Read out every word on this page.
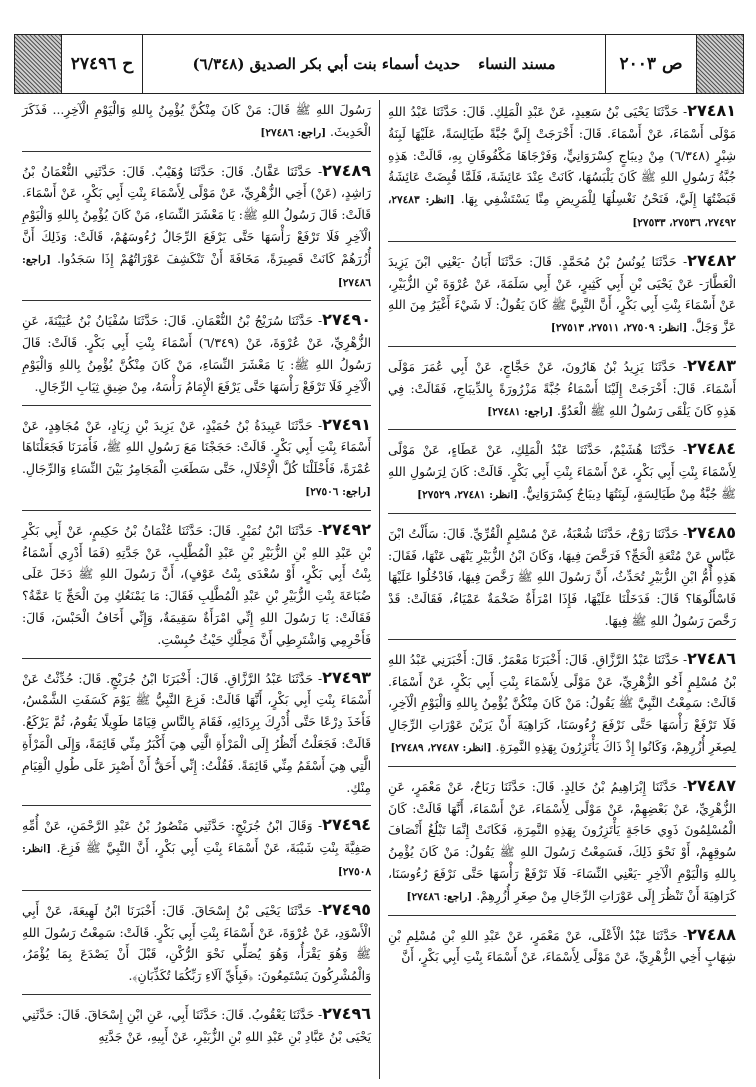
ح ٢٧٤٩٦	مسند النساء
حديث أسماء بنت أبي بكر الصديق (٦/٣٤٨)	ص ٢٠٠٣

٢٧٤٨١- حَدَّثَنَا يَحْيَى بْنُ سَعِيدٍ، عَنْ عَبْدِ الْمَلِكِ. قَالَ: حَدَّثَنَا عَبْدُ اللهِ مَوْلَى أَسْمَاءَ، عَنْ أَسْمَاءَ. قَالَ: أَخْرَجَتْ إِلَيَّ جُبَّةً طَيَالِسَةً، عَلَيْهَا لَبِنَةُ شِبْرٍ (٦/٣٤٨) مِنْ دِيبَاجٍ كِسْرَوَانِيٍّ، وَفَرْجَاهَا مَكْفُوفَانِ بِهِ، قَالَتْ: هَذِهِ جُبَّةُ رَسُولِ اللهِ ﷺ كَانَ يَلْبَسُهَا، كَانَتْ عِنْدَ عَائِشَةَ، فَلَمَّا قُبِضَتْ عَائِشَةُ قَبَضْتُهَا إِلَيَّ، فَنَحْنُ نَغْسِلُهَا لِلْمَرِيضِ مِنَّا يَسْتَشْفِي بِهَا. [انظر: ٢٧٤٨٣، ٢٧٤٩٢، ٢٧٥٣٦، ٢٧٥٣٣]

٢٧٤٨٢- حَدَّثَنَا يُونُسُ بْنُ مُحَمَّدٍ. قَالَ: حَدَّثَنَا أَبَانُ -يَعْنِي ابْنَ يَزِيدَ الْعَطَّارَ- عَنْ يَحْيَى بْنِ أَبِي كَثِيرٍ، عَنْ أَبِي سَلَمَةَ، عَنْ عُرْوَةَ بْنِ الزُّبَيْرِ، عَنْ أَسْمَاءَ بِنْتِ أَبِي بَكْرٍ، أَنَّ النَّبِيَّ ﷺ كَانَ يَقُولُ: لَا شَيْءَ أَغْيَرُ مِنَ اللهِ عَزَّ وَجَلَّ. [انظر: ٢٧٥٠٩، ٢٧٥١١، ٢٧٥١٣]

٢٧٤٨٣- حَدَّثَنَا يَزِيدُ بْنُ هَارُونَ، عَنْ حَجَّاجٍ، عَنْ أَبِي عُمَرَ مَوْلَى أَسْمَاءَ. قَالَ: أَخْرَجَتْ إِلَيْنَا أَسْمَاءُ جُبَّةً مَزْرُورَةً بِالدِّيبَاجِ، فَقَالَتْ: فِي هَذِهِ كَانَ يَلْقَى رَسُولُ اللهِ ﷺ الْعَدُوَّ. [راجع: ٢٧٤٨١]

٢٧٤٨٤- حَدَّثَنَا هُشَيْمٌ، حَدَّثَنَا عَبْدُ الْمَلِكِ، عَنْ عَطَاءٍ، عَنْ مَوْلًى لِأَسْمَاءَ بِنْتِ أَبِي بَكْرٍ، عَنْ أَسْمَاءَ بِنْتِ أَبِي بَكْرٍ. قَالَتْ: كَانَ لِرَسُولِ اللهِ ﷺ جُبَّةٌ مِنْ طَيَالِسَةٍ، لَبِنَتُهَا دِيبَاجٌ كِسْرَوَانِيٌّ. [انظر: ٢٧٤٨١، ٢٧٥٢٩]

٢٧٤٨٥- حَدَّثَنَا رَوْحٌ، حَدَّثَنَا شُعْبَةُ، عَنْ مُسْلِمٍ الْقُرِّيِّ. قَالَ: سَأَلْتُ ابْنَ عَبَّاسٍ عَنْ مُتْعَةِ الْحَجِّ؟ فَرَخَّصَ فِيهَا، وَكَانَ ابْنُ الزُّبَيْرِ يَنْهَى عَنْهَا، فَقَالَ: هَذِهِ أُمُّ ابْنِ الزُّبَيْرِ تُحَدِّثُ، أَنَّ رَسُولَ اللهِ ﷺ رَخَّصَ فِيهَا، فَادْخُلُوا عَلَيْهَا فَاسْأَلُوهَا؟ قَالَ: فَدَخَلْنَا عَلَيْهَا، فَإِذَا امْرَأَةٌ ضَخْمَةٌ عَمْيَاءُ، فَقَالَتْ: قَدْ رَخَّصَ رَسُولُ اللهِ ﷺ فِيهَا.

٢٧٤٨٦- حَدَّثَنَا عَبْدُ الرَّزَّاقِ. قَالَ: أَخْبَرَنَا مَعْمَرٌ. قَالَ: أَخْبَرَنِي عَبْدُ اللهِ بْنُ مُسْلِمٍ أَخُو الزُّهْرِيِّ، عَنْ مَوْلًى لِأَسْمَاءَ بِنْتِ أَبِي بَكْرٍ، عَنْ أَسْمَاءَ. قَالَتْ: سَمِعْتُ النَّبِيَّ ﷺ يَقُولُ: مَنْ كَانَ مِنْكُنَّ يُؤْمِنُ بِاللهِ وَالْيَوْمِ الْآخِرِ، فَلَا تَرْفَعْ رَأْسَهَا حَتَّى نَرْفَعَ رُءُوسَنَا، كَرَاهِيَةَ أَنْ يَرَيْنَ عَوْرَاتِ الرِّجَالِ لِصِغَرِ أُزُرِهِمْ، وَكَانُوا إِذْ ذَاكَ يَأْتَزِرُونَ بِهَذِهِ النَّمِرَةِ. [انظر: ٢٧٤٨٧، ٢٧٤٨٩]

٢٧٤٨٧- حَدَّثَنَا إِبْرَاهِيمُ بْنُ خَالِدٍ. قَالَ: حَدَّثَنَا رَبَاحٌ، عَنْ مَعْمَرٍ، عَنِ الزُّهْرِيِّ، عَنْ بَعْضِهِمْ، عَنْ مَوْلًى لِأَسْمَاءَ، عَنْ أَسْمَاءَ، أَنَّهَا قَالَتْ: كَانَ الْمُسْلِمُونَ ذَوِي حَاجَةٍ يَأْتَزِرُونَ بِهَذِهِ النَّمِرَةِ، فَكَانَتْ إِنَّمَا تَبْلُغُ أَنْصَافَ سُوقِهِمْ، أَوْ نَحْوَ ذَلِكَ، فَسَمِعْتُ رَسُولَ اللهِ ﷺ يَقُولُ: مَنْ كَانَ يُؤْمِنُ بِاللهِ وَالْيَوْمِ الْآخِرِ -يَعْنِي النِّسَاءَ- فَلَا تَرْفَعْ رَأْسَهَا حَتَّى نَرْفَعَ رُءُوسَنَا، كَرَاهِيَةَ أَنْ تَنْظُرَ إِلَى عَوْرَاتِ الرِّجَالِ مِنْ صِغَرِ أُزُرِهِمْ. [راجع: ٢٧٤٨٦]

٢٧٤٨٨- حَدَّثَنَا عَبْدُ الْأَعْلَى، عَنْ مَعْمَرٍ، عَنْ عَبْدِ اللهِ بْنِ مُسْلِمِ بْنِ شِهَابٍ أَخِي الزُّهْرِيِّ، عَنْ مَوْلًى لِأَسْمَاءَ، عَنْ أَسْمَاءَ بِنْتِ أَبِي بَكْرٍ، أَنَّ

رَسُولَ اللهِ ﷺ قَالَ: مَنْ كَانَ مِنْكُنَّ يُؤْمِنُ بِاللهِ وَالْيَوْمِ الْآخِرِ... فَذَكَرَ الْحَدِيثَ. [راجع: ٢٧٤٨٦]

٢٧٤٨٩- حَدَّثَنَا عَفَّانُ. قَالَ: حَدَّثَنَا وُهَيْبٌ. قَالَ: حَدَّثَنِي النُّعْمَانُ بْنُ رَاشِدٍ، (عَنْ) أَخِي الزُّهْرِيِّ، عَنْ مَوْلًى لِأَسْمَاءَ بِنْتِ أَبِي بَكْرٍ، عَنْ أَسْمَاءَ. قَالَتْ: قَالَ رَسُولُ اللهِ ﷺ: يَا مَعْشَرَ النِّسَاءِ، مَنْ كَانَ يُؤْمِنُ بِاللهِ وَالْيَوْمِ الْآخِرِ فَلَا تَرْفَعْ رَأْسَهَا حَتَّى يَرْفَعَ الرِّجَالُ رُءُوسَهُمْ، قَالَتْ: وَذَلِكَ أَنَّ أُزُرَهُمْ كَانَتْ قَصِيرَةً، مَخَافَةَ أَنْ تَنْكَشِفَ عَوْرَاتُهُمْ إِذَا سَجَدُوا. [راجع: ٢٧٤٨٦]

٢٧٤٩٠- حَدَّثَنَا سُرَيْجُ بْنُ النُّعْمَانِ. قَالَ: حَدَّثَنَا سُفْيَانُ بْنُ عُيَيْنَةَ، عَنِ الزُّهْرِيِّ، عَنْ عُرْوَةَ، عَنْ (٦/٣٤٩) أَسْمَاءَ بِنْتِ أَبِي بَكْرٍ. قَالَتْ: قَالَ رَسُولُ اللهِ ﷺ: يَا مَعْشَرَ النِّسَاءِ، مَنْ كَانَ مِنْكُنَّ يُؤْمِنُ بِاللهِ وَالْيَوْمِ الْآخِرِ فَلَا تَرْفَعْ رَأْسَهَا حَتَّى يَرْفَعَ الْإِمَامُ رَأْسَهُ، مِنْ ضِيقِ ثِيَابِ الرِّجَالِ.

٢٧٤٩١- حَدَّثَنَا عَبِيدَةُ بْنُ حُمَيْدٍ، عَنْ يَزِيدَ بْنِ زِيَادٍ، عَنْ مُجَاهِدٍ، عَنْ أَسْمَاءَ بِنْتِ أَبِي بَكْرٍ. قَالَتْ: حَجَجْنَا مَعَ رَسُولِ اللهِ ﷺ، فَأَمَرَنَا فَجَعَلْنَاهَا عُمْرَةً، فَأَحْلَلْنَا كُلَّ الْإِحْلَالِ، حَتَّى سَطَعَتِ الْمَجَامِرُ بَيْنَ النِّسَاءِ وَالرِّجَالِ. [راجع: ٢٧٥٠٦]

٢٧٤٩٢- حَدَّثَنَا ابْنُ نُمَيْرٍ. قَالَ: حَدَّثَنَا عُثْمَانُ بْنُ حَكِيمٍ، عَنْ أَبِي بَكْرِ بْنِ عَبْدِ اللهِ بْنِ الزُّبَيْرِ بْنِ عَبْدِ الْمُطَّلِبِ، عَنْ جَدَّتِهِ (فَمَا أَدْرِي أَسْمَاءُ بِنْتُ أَبِي بَكْرٍ، أَوْ سُعْدَى بِنْتُ عَوْفٍ)، أَنَّ رَسُولَ اللهِ ﷺ دَخَلَ عَلَى ضُبَاعَةَ بِنْتِ الزُّبَيْرِ بْنِ عَبْدِ الْمُطَّلِبِ فَقَالَ: مَا يَمْنَعُكِ مِنَ الْحَجِّ يَا عَمَّةُ؟ فَقَالَتْ: يَا رَسُولَ اللهِ إِنِّي امْرَأَةٌ سَقِيمَةٌ، وَإِنِّي أَخَافُ الْحَبْسَ، قَالَ: فَأَحْرِمِي وَاشْتَرِطِي أَنَّ مَحِلَّكِ حَيْثُ حُبِسْتِ.

٢٧٤٩٣- حَدَّثَنَا عَبْدُ الرَّزَّاقِ. قَالَ: أَخْبَرَنَا ابْنُ جُرَيْجٍ. قَالَ: حُدِّثْتُ عَنْ أَسْمَاءَ بِنْتِ أَبِي بَكْرٍ، أَنَّهَا قَالَتْ: فَزِعَ النَّبِيُّ ﷺ يَوْمَ كَسَفَتِ الشَّمْسُ، فَأَخَذَ دِرْعًا حَتَّى أُدْرِكَ بِرِدَائِهِ، فَقَامَ بِالنَّاسِ قِيَامًا طَوِيلًا يَقُومُ، ثُمَّ يَرْكَعُ. قَالَتْ: فَجَعَلْتُ أَنْظُرُ إِلَى الْمَرْأَةِ الَّتِي هِيَ أَكْبَرُ مِنِّي قَائِمَةً، وَإِلَى الْمَرْأَةِ الَّتِي هِيَ أَسْقَمُ مِنِّي قَائِمَةً. فَقُلْتُ: إِنِّي أَحَقُّ أَنْ أَصْبِرَ عَلَى طُولِ الْقِيَامِ مِنْكِ.

٢٧٤٩٤- وَقَالَ ابْنُ جُرَيْجٍ: حَدَّثَنِي مَنْصُورُ بْنُ عَبْدِ الرَّحْمَنِ، عَنْ أُمِّهِ صَفِيَّةَ بِنْتِ شَيْبَةَ، عَنْ أَسْمَاءَ بِنْتِ أَبِي بَكْرٍ، أَنَّ النَّبِيَّ ﷺ فَزِعَ. [انظر: ٢٧٥٠٨]

٢٧٤٩٥- حَدَّثَنَا يَحْيَى بْنُ إِسْحَاقَ. قَالَ: أَخْبَرَنَا ابْنُ لَهِيعَةَ، عَنْ أَبِي الْأَسْوَدِ، عَنْ عُرْوَةَ، عَنْ أَسْمَاءَ بِنْتِ أَبِي بَكْرٍ. قَالَتْ: سَمِعْتُ رَسُولَ اللهِ ﷺ وَهُوَ يَقْرَأُ، وَهُوَ يُصَلِّي نَحْوَ الرُّكْنِ، قَبْلَ أَنْ يَصْدَعَ بِمَا يُؤْمَرُ، وَالْمُشْرِكُونَ يَسْتَمِعُونَ: ﴿فَبِأَيِّ آلَاءِ رَبِّكُمَا تُكَذِّبَانِ﴾.

٢٧٤٩٦- حَدَّثَنَا يَعْقُوبُ. قَالَ: حَدَّثَنَا أَبِي، عَنِ ابْنِ إِسْحَاقَ. قَالَ: حَدَّثَنِي يَحْيَى بْنُ عَبَّادِ بْنِ عَبْدِ اللهِ بْنِ الزُّبَيْرِ، عَنْ أَبِيهِ، عَنْ جَدَّتِهِ
